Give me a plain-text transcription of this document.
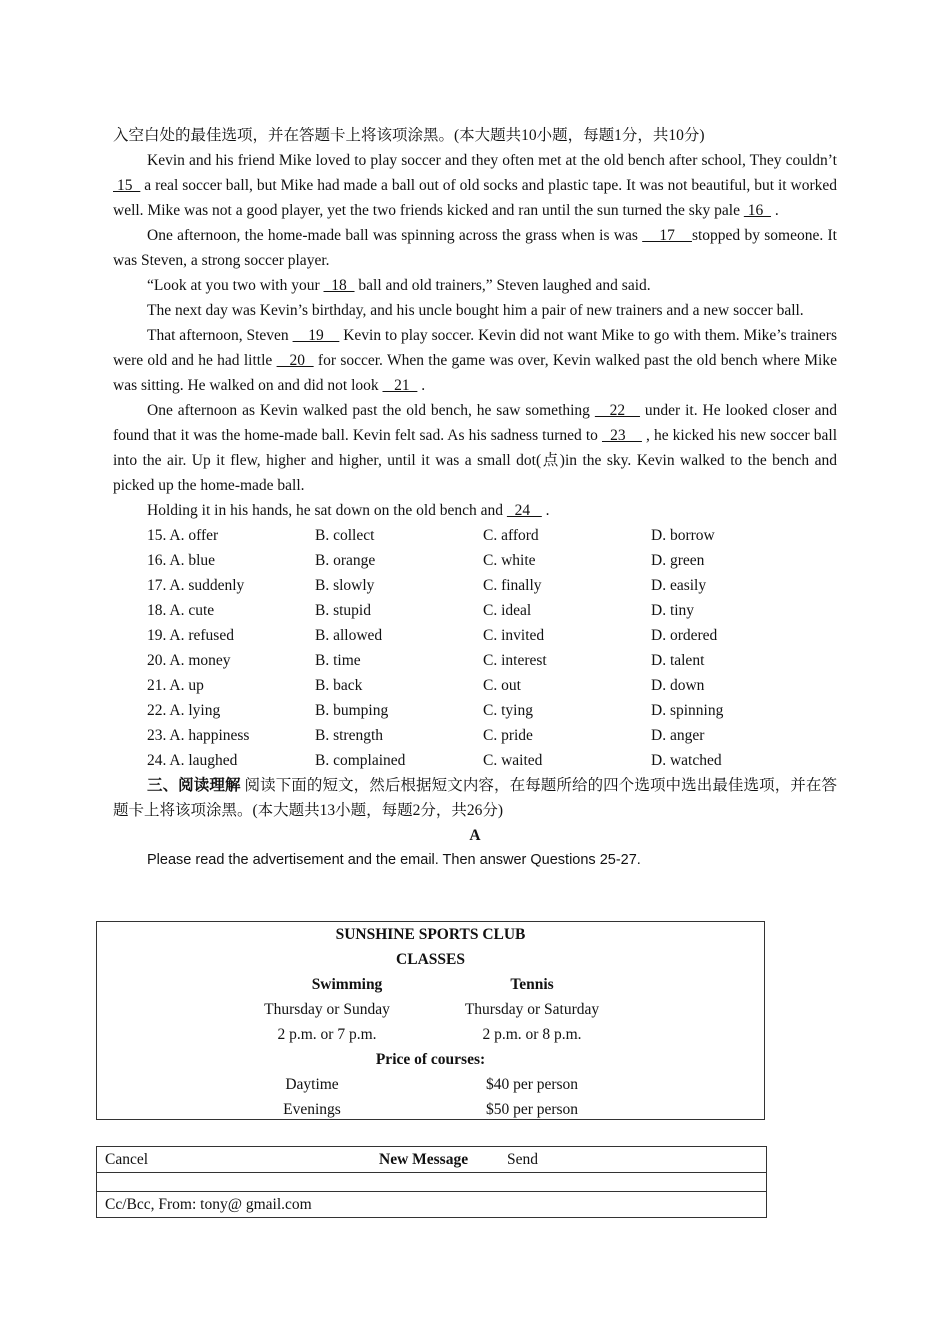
入空白处的最佳选项，并在答题卡上将该项涂黑。(本大题共10小题，每题1分，共10分)

Kevin and his friend Mike loved to play soccer and they often met at the old bench after school, They couldn’t  15   a real soccer ball, but Mike had made a ball out of old socks and plastic tape. It was not beautiful, but it worked well. Mike was not a good player, yet the two friends kicked and ran until the sun turned the sky pale  16   .

One afternoon, the home-made ball was spinning across the grass when is was     17    stopped by someone. It was Steven, a strong soccer player.

“Look at you two with your   18   ball and old trainers,” Steven laughed and said.

The next day was Kevin’s birthday, and his uncle bought him a pair of new trainers and a new soccer ball.

That afternoon, Steven     19     Kevin to play soccer. Kevin did not want Mike to go with them. Mike’s trainers were old and he had little    20   for soccer. When the game was over, Kevin walked past the old bench where Mike was sitting. He walked on and did not look    21   .

One afternoon as Kevin walked past the old bench, he saw something    22    under it. He looked closer and found that it was the home-made ball. Kevin felt sad. As his sadness turned to   23     , he kicked his new soccer ball into the air. Up it flew, higher and higher, until it was a small dot(点)in the sky. Kevin walked to the bench and picked up the home-made ball.

Holding it in his hands, he sat down on the old bench and   24    .

15. A. offer	B. collect	C. afford	D. borrow
16. A. blue	B. orange	C. white	D. green
17. A. suddenly	B. slowly	C. finally	D. easily
18. A. cute	B. stupid	C. ideal	D. tiny
19. A. refused	B. allowed	C. invited	D. ordered
20. A. money	B. time	C. interest	D. talent
21. A. up	B. back	C. out	D. down
22. A. lying	B. bumping	C. tying	D. spinning
23. A. happiness	B. strength	C. pride	D. anger
24. A. laughed	B. complained	C. waited	D. watched

三、阅读理解 阅读下面的短文，然后根据短文内容，在每题所给的四个选项中选出最佳选项，并在答题卡上将该项涂黑。(本大题共13小题，每题2分，共26分)

A

Please read the advertisement and the email. Then answer Questions 25-27.

SUNSHINE SPORTS CLUB
CLASSES
Swimming	Tennis
Thursday or Sunday	Thursday or Saturday
2 p.m. or 7 p.m.	2 p.m. or 8 p.m.
Price of courses:
Daytime	$40 per person
Evenings	$50 per person
Cancel	New Message	Send
Cc/Bcc, From: tony@ gmail.com
